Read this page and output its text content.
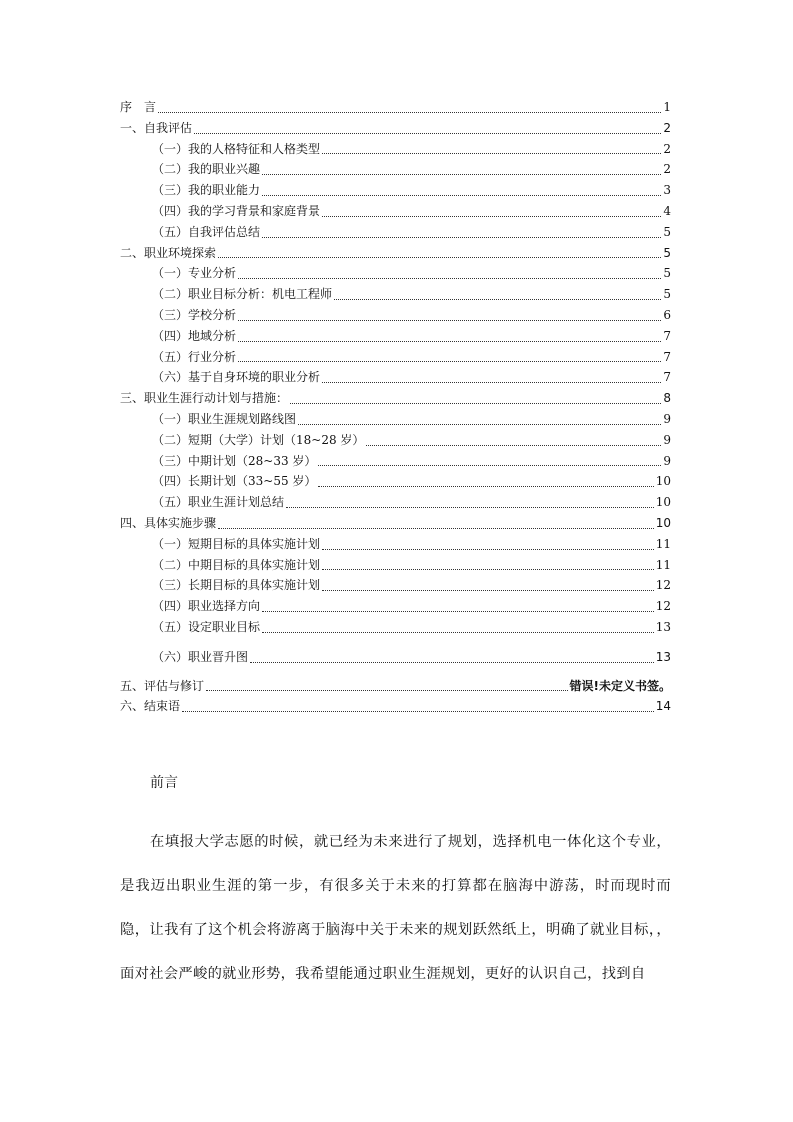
序　言	1
一、自我评估	2
（一）我的人格特征和人格类型	2
（二）我的职业兴趣	2
（三）我的职业能力	3
（四）我的学习背景和家庭背景	4
（五）自我评估总结	5
二、职业环境探索	5
（一）专业分析	5
（二）职业目标分析：机电工程师	5
（三）学校分析	6
（四）地域分析	7
（五）行业分析	7
（六）基于自身环境的职业分析	7
三、职业生涯行动计划与措施：	8
（一）职业生涯规划路线图	9
（二）短期（大学）计划（18~28 岁）	9
（三）中期计划（28~33 岁）	9
（四）长期计划（33~55 岁）	10
（五）职业生涯计划总结	10
四、具体实施步骤	10
（一）短期目标的具体实施计划	11
（二）中期目标的具体实施计划	11
（三）长期目标的具体实施计划	12
（四）职业选择方向	12
（五）设定职业目标	13
（六）职业晋升图	13
五、评估与修订	错误!未定义书签。
六、结束语	14
前言
在填报大学志愿的时候，就已经为未来进行了规划，选择机电一体化这个专业，是我迈出职业生涯的第一步，有很多关于未来的打算都在脑海中游荡，时而现时而隐，让我有了这个机会将游离于脑海中关于未来的规划跃然纸上，明确了就业目标，，面对社会严峻的就业形势，我希望能通过职业生涯规划，更好的认识自己，找到自
